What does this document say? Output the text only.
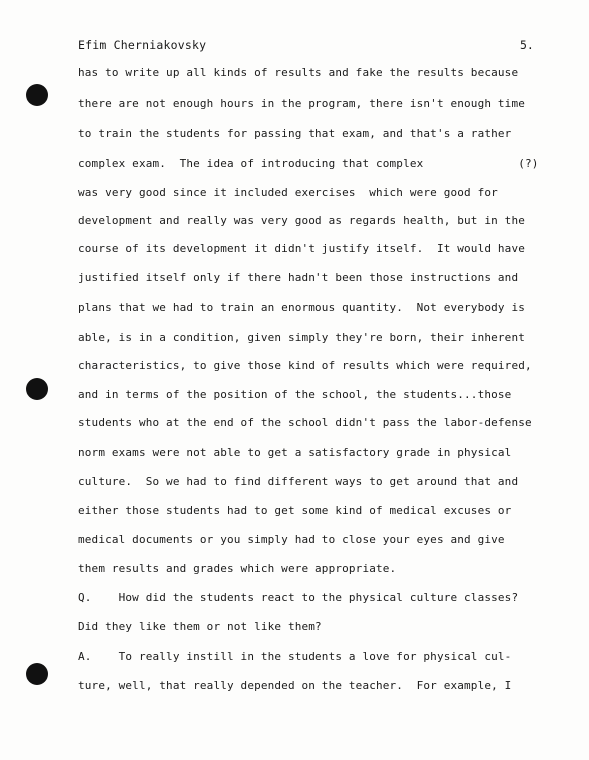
Efim Cherniakovsky	5.
has to write up all kinds of results and fake the results because
there are not enough hours in the program, there isn't enough time
to train the students for passing that exam, and that's a rather
complex exam.  The idea of introducing that complex              (?)
was very good since it included exercises  which were good for
development and really was very good as regards health, but in the
course of its development it didn't justify itself.  It would have
justified itself only if there hadn't been those instructions and
plans that we had to train an enormous quantity.  Not everybody is
able, is in a condition, given simply they're born, their inherent
characteristics, to give those kind of results which were required,
and in terms of the position of the school, the students...those
students who at the end of the school didn't pass the labor-defense
norm exams were not able to get a satisfactory grade in physical
culture.  So we had to find different ways to get around that and
either those students had to get some kind of medical excuses or
medical documents or you simply had to close your eyes and give
them results and grades which were appropriate.
Q.    How did the students react to the physical culture classes?
Did they like them or not like them?
A.    To really instill in the students a love for physical cul-
ture, well, that really depended on the teacher.  For example, I
